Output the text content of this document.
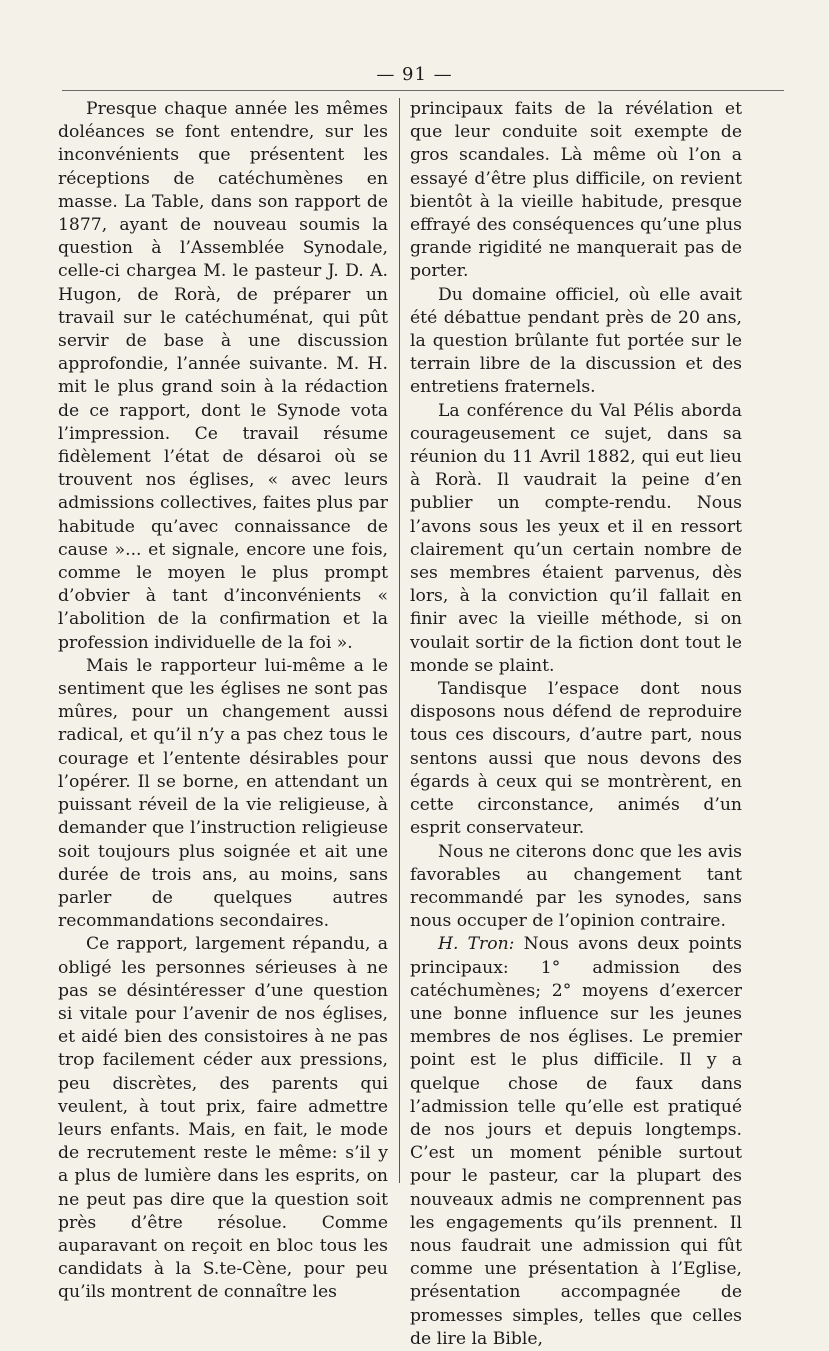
— 91 —

Presque chaque année les mêmes doléances se font entendre, sur les inconvénients que présentent les réceptions de catéchumènes en masse. La Table, dans son rapport de 1877, ayant de nouveau soumis la question à l’Assemblée Synodale, celle-ci chargea M. le pasteur J. D. A. Hugon, de Rorà, de préparer un travail sur le catéchuménat, qui pût servir de base à une discussion approfondie, l’année suivante. M. H. mit le plus grand soin à la rédaction de ce rapport, dont le Synode vota l’impression. Ce travail résume fidèlement l’état de désaroi où se trouvent nos églises, « avec leurs admissions collectives, faites plus par habitude qu’avec connaissance de cause »... et signale, encore une fois, comme le moyen le plus prompt d’obvier à tant d’inconvénients « l’abolition de la confirmation et la profession individuelle de la foi ».

Mais le rapporteur lui-même a le sentiment que les églises ne sont pas mûres, pour un changement aussi radical, et qu’il n’y a pas chez tous le courage et l’entente désirables pour l’opérer. Il se borne, en attendant un puissant réveil de la vie religieuse, à demander que l’instruction religieuse soit toujours plus soignée et ait une durée de trois ans, au moins, sans parler de quelques autres recommandations secondaires.

Ce rapport, largement répandu, a obligé les personnes sérieuses à ne pas se désintéresser d’une question si vitale pour l’avenir de nos églises, et aidé bien des consistoires à ne pas trop facilement céder aux pressions, peu discrètes, des parents qui veulent, à tout prix, faire admettre leurs enfants. Mais, en fait, le mode de recrutement reste le même: s’il y a plus de lumière dans les esprits, on ne peut pas dire que la question soit près d’être résolue. Comme auparavant on reçoit en bloc tous les candidats à la S.te-Cène, pour peu qu’ils montrent de connaître les

principaux faits de la révélation et que leur conduite soit exempte de gros scandales. Là même où l’on a essayé d’être plus difficile, on revient bientôt à la vieille habitude, presque effrayé des conséquences qu’une plus grande rigidité ne manquerait pas de porter.

Du domaine officiel, où elle avait été débattue pendant près de 20 ans, la question brûlante fut portée sur le terrain libre de la discussion et des entretiens fraternels.

La conférence du Val Pélis aborda courageusement ce sujet, dans sa réunion du 11 Avril 1882, qui eut lieu à Rorà. Il vaudrait la peine d’en publier un compte-rendu. Nous l’avons sous les yeux et il en ressort clairement qu’un certain nombre de ses membres étaient parvenus, dès lors, à la conviction qu’il fallait en finir avec la vieille méthode, si on voulait sortir de la fiction dont tout le monde se plaint.

Tandisque l’espace dont nous disposons nous défend de reproduire tous ces discours, d’autre part, nous sentons aussi que nous devons des égards à ceux qui se montrèrent, en cette circonstance, animés d’un esprit conservateur.

Nous ne citerons donc que les avis favorables au changement tant recommandé par les synodes, sans nous occuper de l’opinion contraire.

H. Tron: Nous avons deux points principaux: 1° admission des catéchumènes; 2° moyens d’exercer une bonne influence sur les jeunes membres de nos églises. Le premier point est le plus difficile. Il y a quelque chose de faux dans l’admission telle qu’elle est pratiqué de nos jours et depuis longtemps. C’est un moment pénible surtout pour le pasteur, car la plupart des nouveaux admis ne comprennent pas les engagements qu’ils prennent. Il nous faudrait une admission qui fût comme une présentation à l’Eglise, présentation accompagnée de promesses simples, telles que celles de lire la Bible,
